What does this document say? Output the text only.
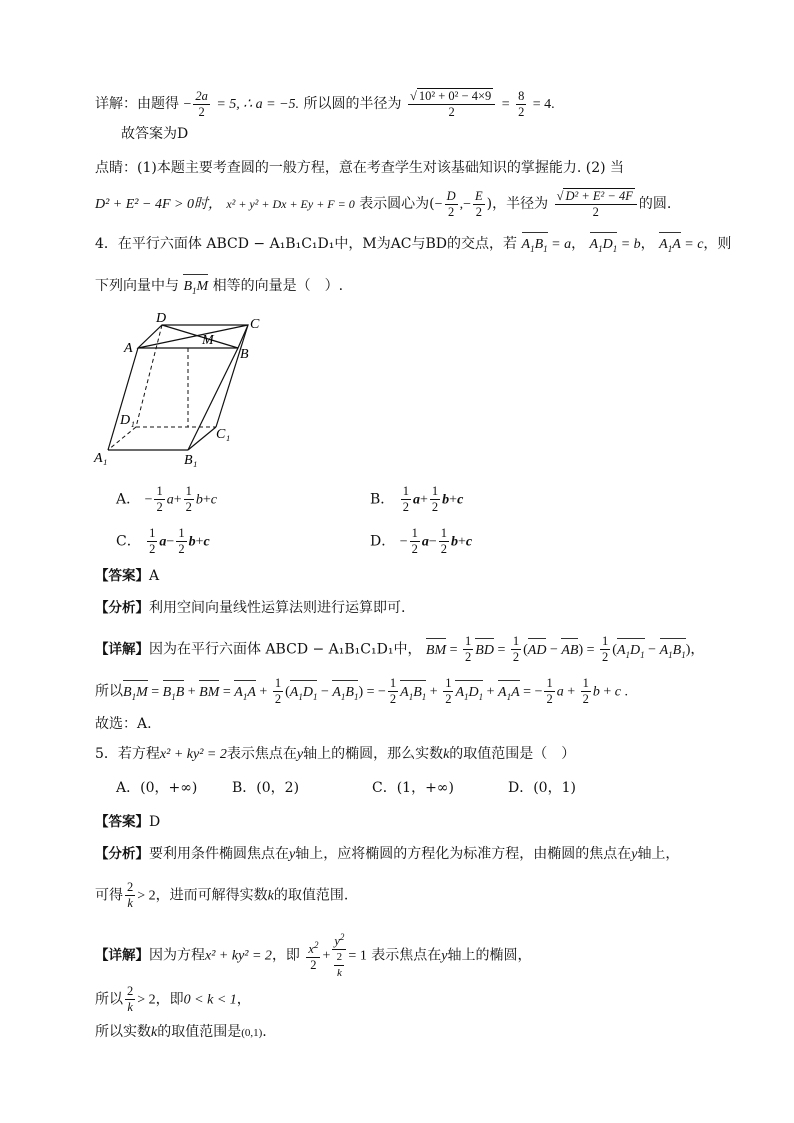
详解：由题得 − $\frac{2a}{2} = 5$, ∴ a = −5. 所以圆的半径为 $\frac{\text{√ 10² + 0² − 4×9}}{2} = \frac{8}{2} = 4$.
故答案为D
点睛：(1)本题主要考查圆的一般方程，意在考查学生对该基础知识的掌握能力. (2) 当
D² + E² − 4F > 0时， x² + y² + Dx + Ey + F = 0 表示圆心为(− $\frac{D}{2}$ ,− $\frac{E}{2}$ )，半径为 $\frac{\text{√ D² + E² − 4F}}{2}$ 的圆.
4．在平行六面体 ABCD − A₁B₁C₁D₁中，M为AC与BD的交点，若 $A_1B_1 = a$， $A_1D_1 = b$， $A_1A = c$，则
下列向量中与 $B_1M$ 相等的向量是（　）.
D	C
A
M
B
D₁
C₁
A₁	B₁
A． − $\frac{1}{2} a+ \frac{1}{2} b+c$	B． $\frac{1}{2} a+ \frac{1}{2} b+c$
C． $\frac{1}{2} a- \frac{1}{2} b+c$	D． − $\frac{1}{2} a- \frac{1}{2} b+c$
【答案】A
【分析】利用空间向量线性运算法则进行运算即可.
【详解】因为在平行六面体 ABCD − A₁B₁C₁D₁中， BM = $\frac{1}{2}$ BD = $\frac{1}{2} (AD - AB) = \frac{1}{2} (A_1D_1 - A_1B_1)$，
所以$B_1M = B_1B$ + BM = $A_1A + \frac{1}{2} (A_1D_1 - A_1B_1)$ = − $\frac{1}{2} A_1B_1 + \frac{1}{2} A_1D_1 + A_1A$ = − $\frac{1}{2}$ $a + \frac{1}{2}$ b + c .
故选：A.
5．若方程x² + ky² = 2表示焦点在y轴上的椭圆，那么实数k的取值范围是（　）
A．(0，+∞) B．(0，2)	C．(1，+∞)	D．(0，1)
【答案】D
【分析】要利用条件椭圆焦点在y轴上，应将椭圆的方程化为标准方程，由椭圆的焦点在y轴上，
可得 $\frac{2}{k} > 2$，进而可解得实数k的取值范围.
【详解】因为方程x² + ky² = 2，即 $\frac{x^2}{2} + y^2$
2
k = 1 表示焦点在y轴上的椭圆，
所以 $\frac{2}{k} > 2$，即0 < k < 1，
所以实数k的取值范围是(0,1).
